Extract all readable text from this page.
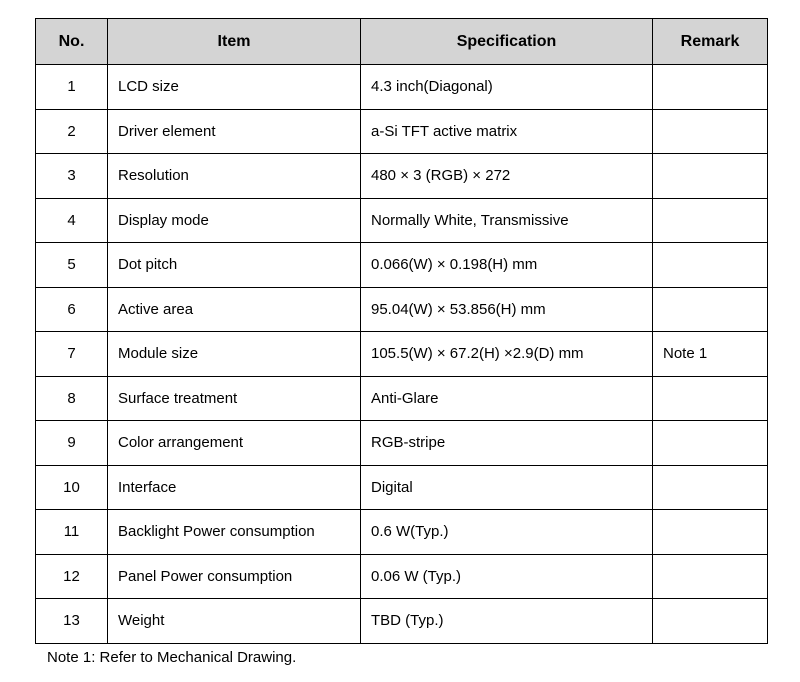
No.	Item	Specification	Remark
1	LCD size	4.3 inch(Diagonal)	
2	Driver element	a-Si TFT active matrix	
3	Resolution	480 × 3 (RGB) × 272	
4	Display mode	Normally White, Transmissive	
5	Dot pitch	0.066(W) × 0.198(H) mm	
6	Active area	95.04(W) × 53.856(H) mm	
7	Module size	105.5(W) × 67.2(H) ×2.9(D) mm	Note 1
8	Surface treatment	Anti-Glare	
9	Color arrangement	RGB-stripe	
10	Interface	Digital	
11	Backlight Power consumption	0.6 W(Typ.)	
12	Panel Power consumption	0.06 W (Typ.)	
13	Weight	TBD (Typ.)	
Note 1: Refer to Mechanical Drawing.
